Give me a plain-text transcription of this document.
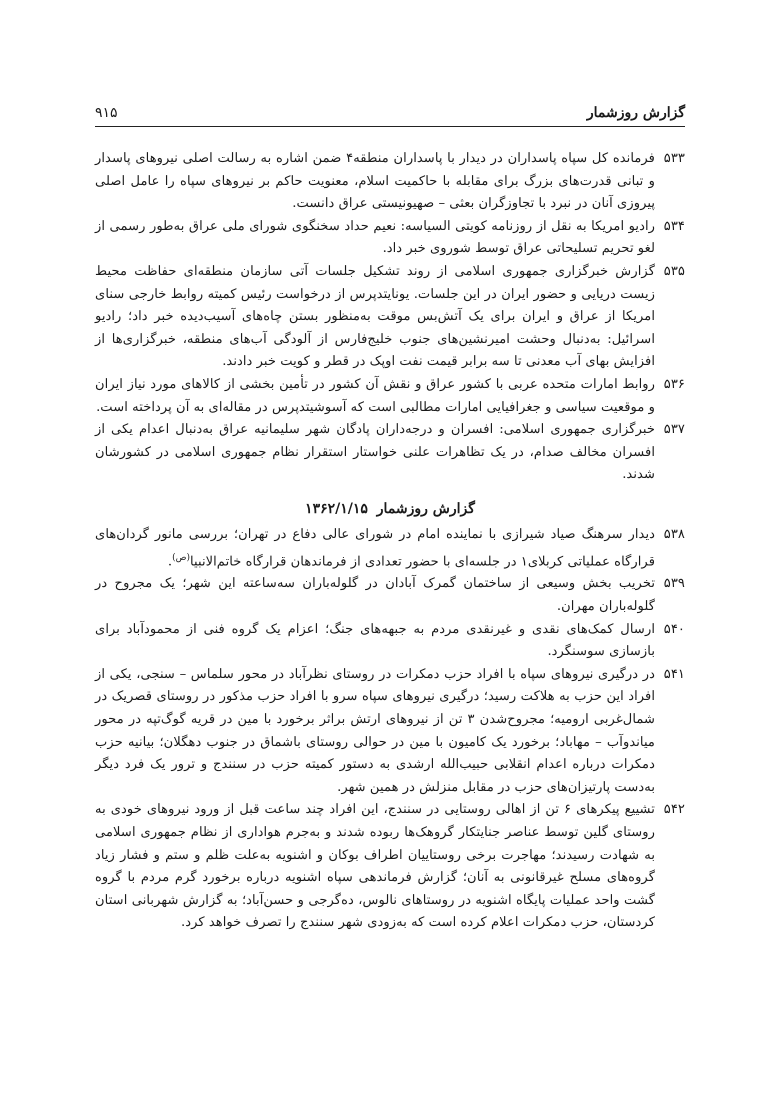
گزارش روزشمار
۹۱۵
۵۳۳
فرمانده کل سپاه پاسداران در دیدار با پاسداران منطقه۴ ضمن اشاره به رسالت اصلی نیروهای پاسدار و تبانی قدرت‌های بزرگ برای مقابله با حاکمیت اسلام، معنویت حاکم بر نیروهای سپاه را عامل اصلی پیروزی آنان در نبرد با تجاوزگران بعثی – صهیونیستی عراق دانست.
۵۳۴
رادیو امریکا به نقل از روزنامه کویتی السیاسه: نعیم حداد سخنگوی شورای ملی عراق به‌طور رسمی از لغو تحریم تسلیحاتی عراق توسط شوروی خبر داد.
۵۳۵
گزارش خبرگزاری جمهوری اسلامی از روند تشکیل جلسات آتی سازمان منطقه‌ای حفاظت محیط زیست دریایی و حضور ایران در این جلسات. یونایتدپرس از درخواست رئیس کمیته روابط خارجی سنای امریکا از عراق و ایران برای یک آتش‌بس موقت به‌منظور بستن چاه‌های آسیب‌دیده خبر داد؛ رادیو اسرائیل: به‌دنبال وحشت امیرنشین‌های جنوب خلیج‌فارس از آلودگی آب‌های منطقه، خبرگزاری‌ها از افزایش بهای آب معدنی تا سه برابر قیمت نفت اوپک در قطر و کویت خبر دادند.
۵۳۶
روابط امارات متحده عربی با کشور عراق و نقش آن کشور در تأمین بخشی از کالاهای مورد نیاز ایران و موقعیت سیاسی و جغرافیایی امارات مطالبی است که آسوشیتدپرس در مقاله‌ای به آن پرداخته است.
۵۳۷
خبرگزاری جمهوری اسلامی: افسران و درجه‌داران پادگان شهر سلیمانیه عراق به‌دنبال اعدام یکی از افسران مخالف صدام، در یک تظاهرات علنی خواستار استقرار نظام جمهوری اسلامی در کشورشان شدند.
گزارش روزشمار ۱۳۶۲/۱/۱۵
۵۳۸
دیدار سرهنگ صیاد شیرازی با نماینده امام در شورای عالی دفاع در تهران؛ بررسی مانور گردان‌های قرارگاه عملیاتی کربلای۱ در جلسه‌ای با حضور تعدادی از فرماندهان قرارگاه خاتم‌الانبیا$^{(ص)}$.
۵۳۹
تخریب بخش وسیعی از ساختمان گمرک آبادان در گلوله‌باران سه‌ساعته این شهر؛ یک مجروح در گلوله‌باران مهران.
۵۴۰
ارسال کمک‌های نقدی و غیرنقدی مردم به جبهه‌های جنگ؛ اعزام یک گروه فنی از محمودآباد برای بازسازی سوسنگرد.
۵۴۱
در درگیری نیروهای سپاه با افراد حزب دمکرات در روستای نظرآباد در محور سلماس – سنجی، یکی از افراد این حزب به هلاکت رسید؛ درگیری نیروهای سپاه سرو با افراد حزب مذکور در روستای قصریک در شمال‌غربی ارومیه؛ مجروح‌شدن ۳ تن از نیروهای ارتش براثر برخورد با مین در قریه گوگ‌تپه در محور میاندوآب – مهاباد؛ برخورد یک کامیون با مین در حوالی روستای باشماق در جنوب دهگلان؛ بیانیه حزب دمکرات درباره اعدام انقلابی حبیب‌الله ارشدی به دستور کمیته حزب در سنندج و ترور یک فرد دیگر به‌دست پارتیزان‌های حزب در مقابل منزلش در همین شهر.
۵۴۲
تشییع پیکرهای ۶ تن از اهالی روستایی در سنندج، این افراد چند ساعت قبل از ورود نیروهای خودی به روستای گلین توسط عناصر جنایتکار گروهک‌ها ربوده شدند و به‌جرم هواداری از نظام جمهوری اسلامی به شهادت رسیدند؛ مهاجرت برخی روستاییان اطراف بوکان و اشنویه به‌علت ظلم و ستم و فشار زیاد گروه‌های مسلح غیرقانونی به آنان؛ گزارش فرماندهی سپاه اشنویه درباره برخورد گرم مردم با گروه گشت واحد عملیات پایگاه اشنویه در روستاهای نالوس، ده‌گرجی و حسن‌آباد؛ به گزارش شهربانی استان کردستان، حزب دمکرات اعلام کرده است که به‌زودی شهر سنندج را تصرف خواهد کرد.
